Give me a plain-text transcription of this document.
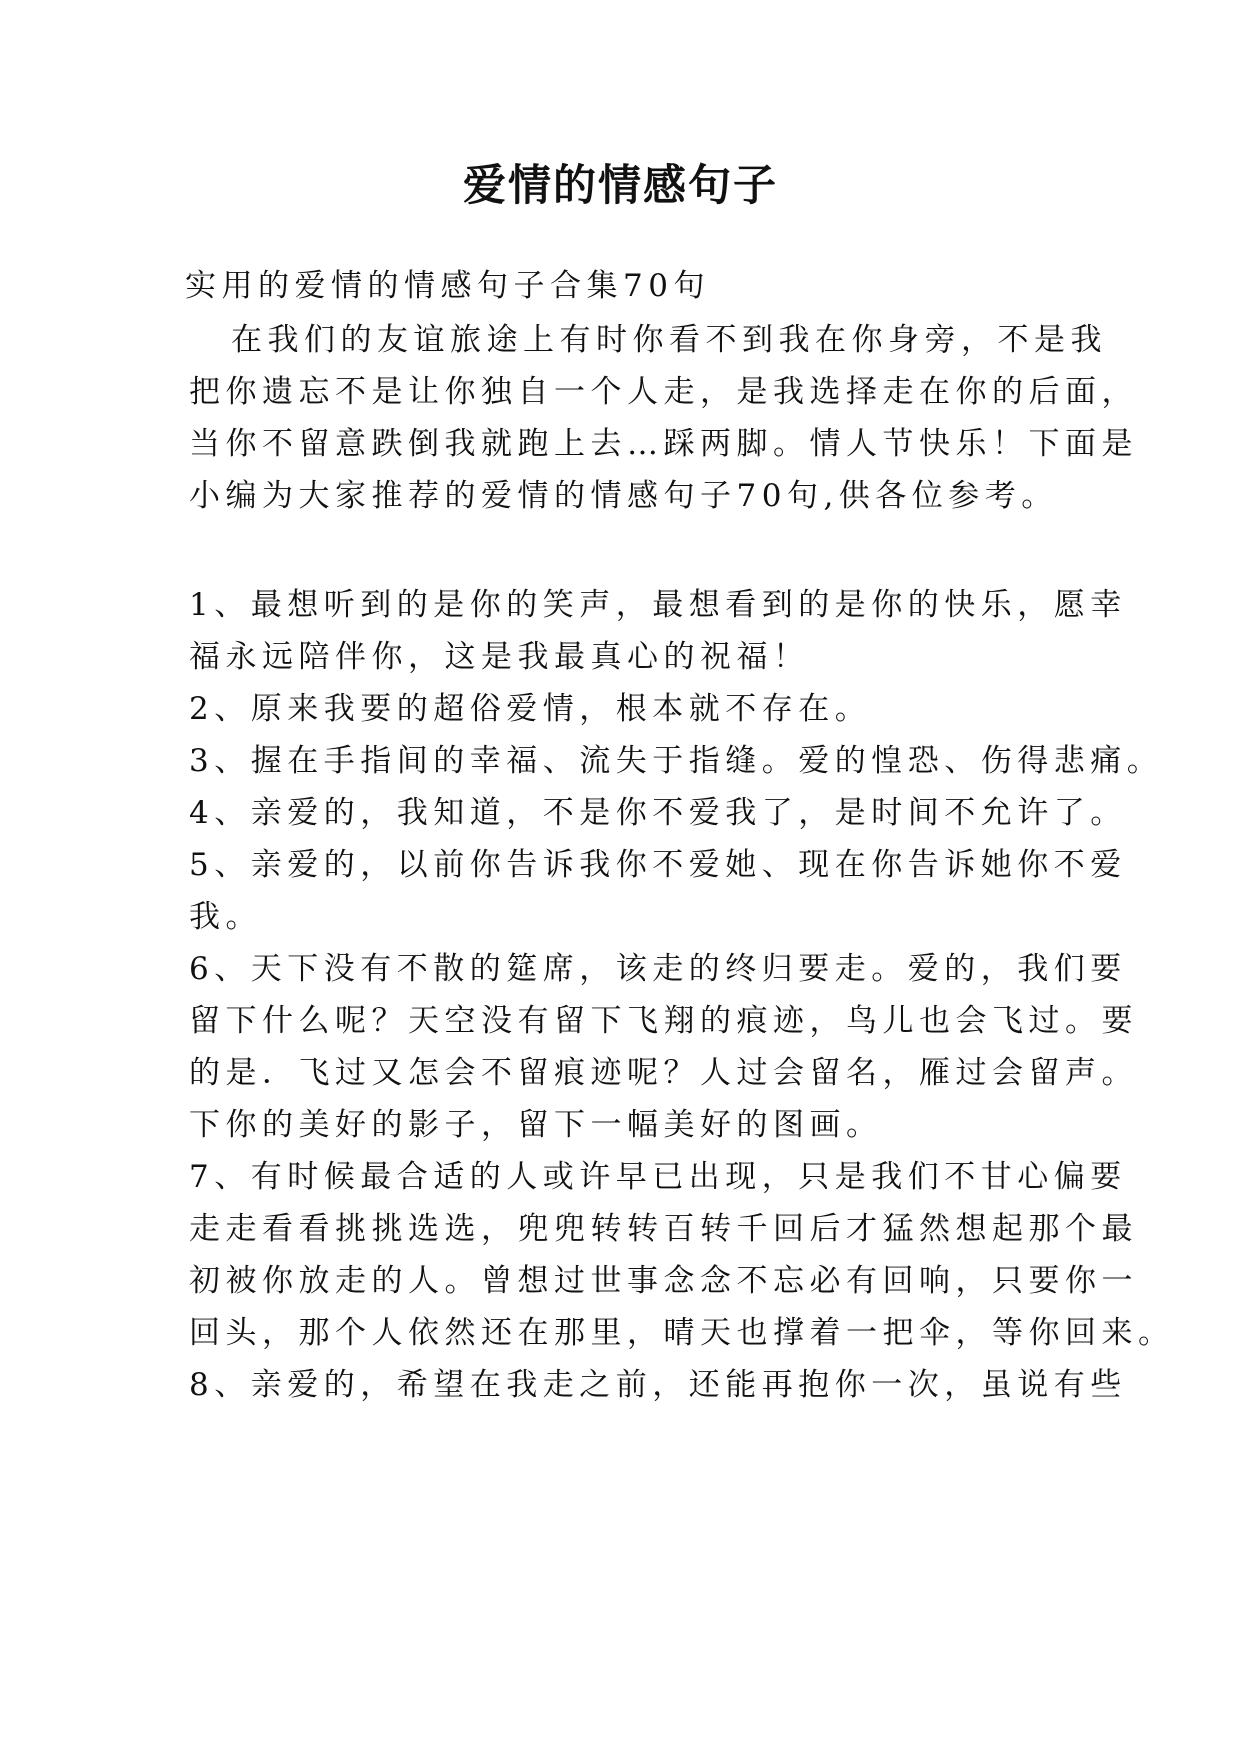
爱情的情感句子
实用的爱情的情感句子合集70句
在我们的友谊旅途上有时你看不到我在你身旁，不是我
把你遗忘不是让你独自一个人走，是我选择走在你的后面，
当你不留意跌倒我就跑上去…踩两脚。情人节快乐！下面是
小编为大家推荐的爱情的情感句子70句,供各位参考。
1、最想听到的是你的笑声，最想看到的是你的快乐，愿幸
福永远陪伴你，这是我最真心的祝福！
2、原来我要的超俗爱情，根本就不存在。
3、握在手指间的幸福、流失于指缝。爱的惶恐、伤得悲痛。
4、亲爱的，我知道，不是你不爱我了，是时间不允许了。
5、亲爱的，以前你告诉我你不爱她、现在你告诉她你不爱
我。
6、天下没有不散的筵席，该走的终归要走。爱的，我们要
留下什么呢？天空没有留下飞翔的痕迹，鸟儿也会飞过。要
的是．飞过又怎会不留痕迹呢？人过会留名，雁过会留声。
下你的美好的影子，留下一幅美好的图画。
7、有时候最合适的人或许早已出现，只是我们不甘心偏要
走走看看挑挑选选，兜兜转转百转千回后才猛然想起那个最
初被你放走的人。曾想过世事念念不忘必有回响，只要你一
回头，那个人依然还在那里，晴天也撑着一把伞，等你回来。
8、亲爱的，希望在我走之前，还能再抱你一次，虽说有些
